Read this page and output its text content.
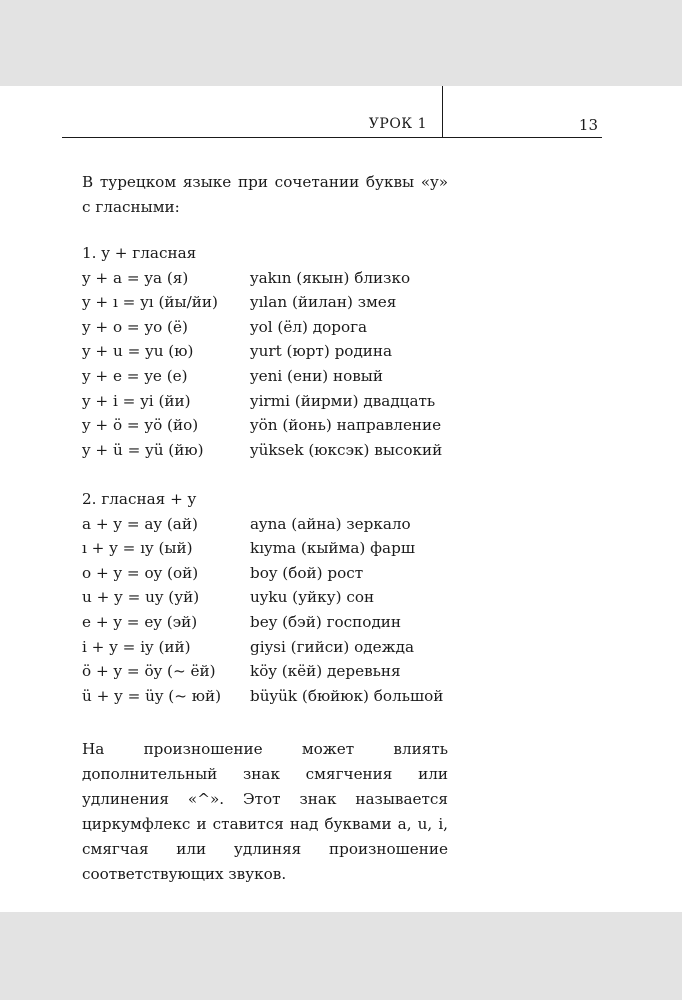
УРОК 1	13

В турецком языке при сочетании буквы «y» с гласными:

1. y + гласная
y + a = ya (я)	yakın (якын) близко
y + ı = yı (йы/йи) yılan (йилан) змея
y + o = yo (ё)	yol (ёл) дорога
y + u = yu (ю)	yurt (юрт) родина
y + e = ye (е)	yeni (ени) новый
y + i = yi (йи)	yirmi (йирми) двадцать
y + ö = yö (йо)	yön (йонь) направление
y + ü = yü (йю)	yüksek (юксэк) высокий
2. гласная + y
a + y = ay (ай)	ayna (айна) зеркало
ı + y = ıy (ый)	kıyma (кыйма) фарш
o + y = oy (ой)	boy (бой) рост
u + y = uy (уй)	uyku (уйку) сон
e + y = ey (эй)	bey (бэй) господин
i + y = iy (ий)	giysi (гийси) одежда
ö + y = öy (~ ёй) köy (кёй) деревьня
ü + y = üy (~ юй) büyük (бюйюк) большой

На произношение может влиять дополнительный знак смягчения или удлинения «^». Этот знак называется циркумфлекс и ставится над буквами a, u, i, смягчая или удлиняя произношение соответствующих звуков.
